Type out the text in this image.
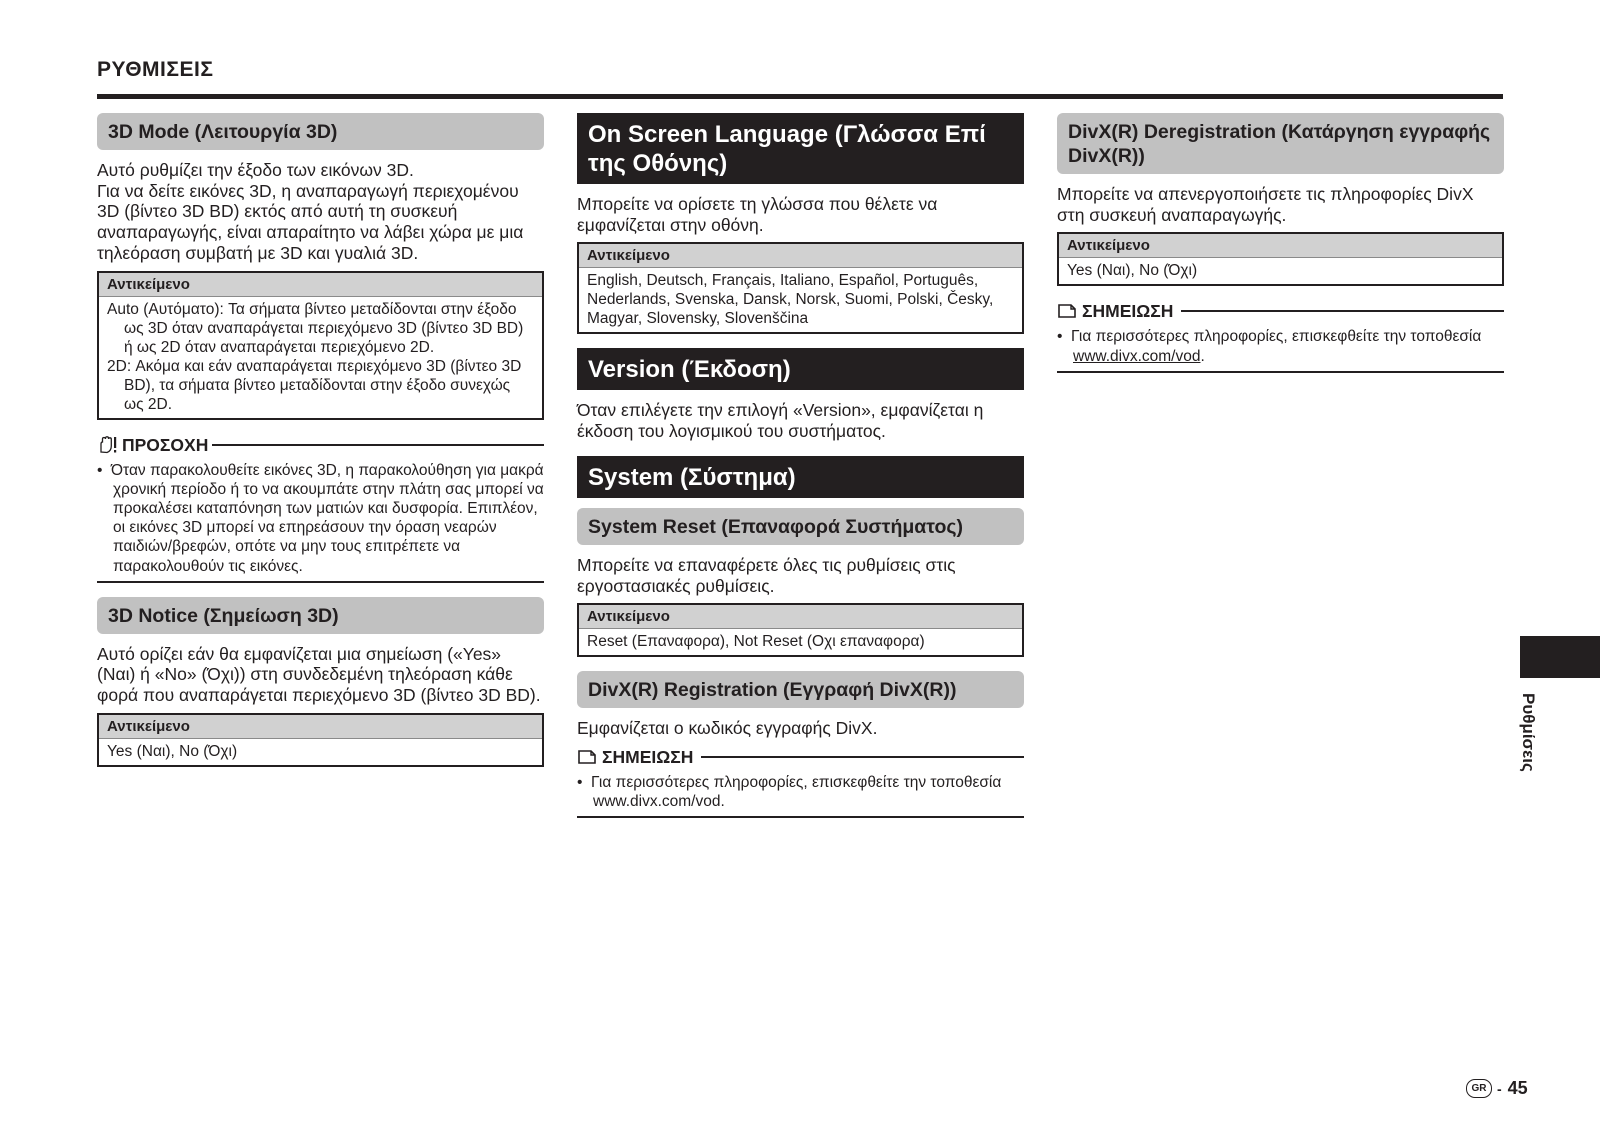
ΡΥΘΜΙΣΕΙΣ
3D Mode (Λειτουργία 3D)

Αυτό ρυθμίζει την έξοδο των εικόνων 3D.

Για να δείτε εικόνες 3D, η αναπαραγωγή περιεχομένου 3D (βίντεο 3D BD) εκτός από αυτή τη συσκευή αναπαραγωγής, είναι απαραίτητο να λάβει χώρα με μια τηλεόραση συμβατή με 3D και γυαλιά 3D.

Αντικείμενο

Auto (Αυτόματο): Τα σήματα βίντεο μεταδίδονται στην έξοδο ως 3D όταν αναπαράγεται περιεχόμενο 3D (βίντεο 3D BD) ή ως 2D όταν αναπαράγεται περιεχόμενο 2D.

2D: Ακόμα και εάν αναπαράγεται περιεχόμενο 3D (βίντεο 3D BD), τα σήματα βίντεο μεταδίδονται στην έξοδο συνεχώς ως 2D.

ΠΡΟΣΟΧΗ

•  Όταν παρακολουθείτε εικόνες 3D, η παρακολούθηση για μακρά χρονική περίοδο ή το να ακουμπάτε στην πλάτη σας μπορεί να προκαλέσει καταπόνηση των ματιών και δυσφορία. Επιπλέον, οι εικόνες 3D μπορεί να επηρεάσουν την όραση νεαρών παιδιών/βρεφών, οπότε να μην τους επιτρέπετε να παρακολουθούν τις εικόνες.

3D Notice (Σημείωση 3D)

Αυτό ορίζει εάν θα εμφανίζεται μια σημείωση («Yes» (Ναι) ή «No» (Όχι)) στη συνδεδεμένη τηλεόραση κάθε φορά που αναπαράγεται περιεχόμενο 3D (βίντεο 3D BD).

Αντικείμενο
Yes (Ναι), No (Όχι)
On Screen Language (Γλώσσα Επί της Οθόνης)

Μπορείτε να ορίσετε τη γλώσσα που θέλετε να εμφανίζεται στην οθόνη.

Αντικείμενο
English, Deutsch, Français, Italiano, Español, Português, Nederlands, Svenska, Dansk, Norsk, Suomi, Polski, Česky, Magyar, Slovensky, Slovenščina
Version (Έκδοση)

Όταν επιλέγετε την επιλογή «Version», εμφανίζεται η έκδοση του λογισμικού του συστήματος.

System (Σύστημα)
System Reset (Επαναφορά Συστήματος)

Μπορείτε να επαναφέρετε όλες τις ρυθμίσεις στις εργοστασιακές ρυθμίσεις.

Αντικείμενο
Reset (Επαναφορα), Not Reset (Οχι επαναφορα)
DivX(R) Registration (Εγγραφή DivX(R))

Εμφανίζεται ο κωδικός εγγραφής DivX.

ΣΗΜΕΙΩΣΗ

•  Για περισσότερες πληροφορίες, επισκεφθείτε την τοποθεσία www.divx.com/vod.

DivX(R) Deregistration (Κατάργηση εγγραφής DivX(R))

Μπορείτε να απενεργοποιήσετε τις πληροφορίες DivX στη συσκευή αναπαραγωγής.

Αντικείμενο
Yes (Ναι), No (Όχι)
ΣΗΜΕΙΩΣΗ

•  Για περισσότερες πληροφορίες, επισκεφθείτε την τοποθεσία www.divx.com/vod.

Ρυθμίσεις
GR - 45
